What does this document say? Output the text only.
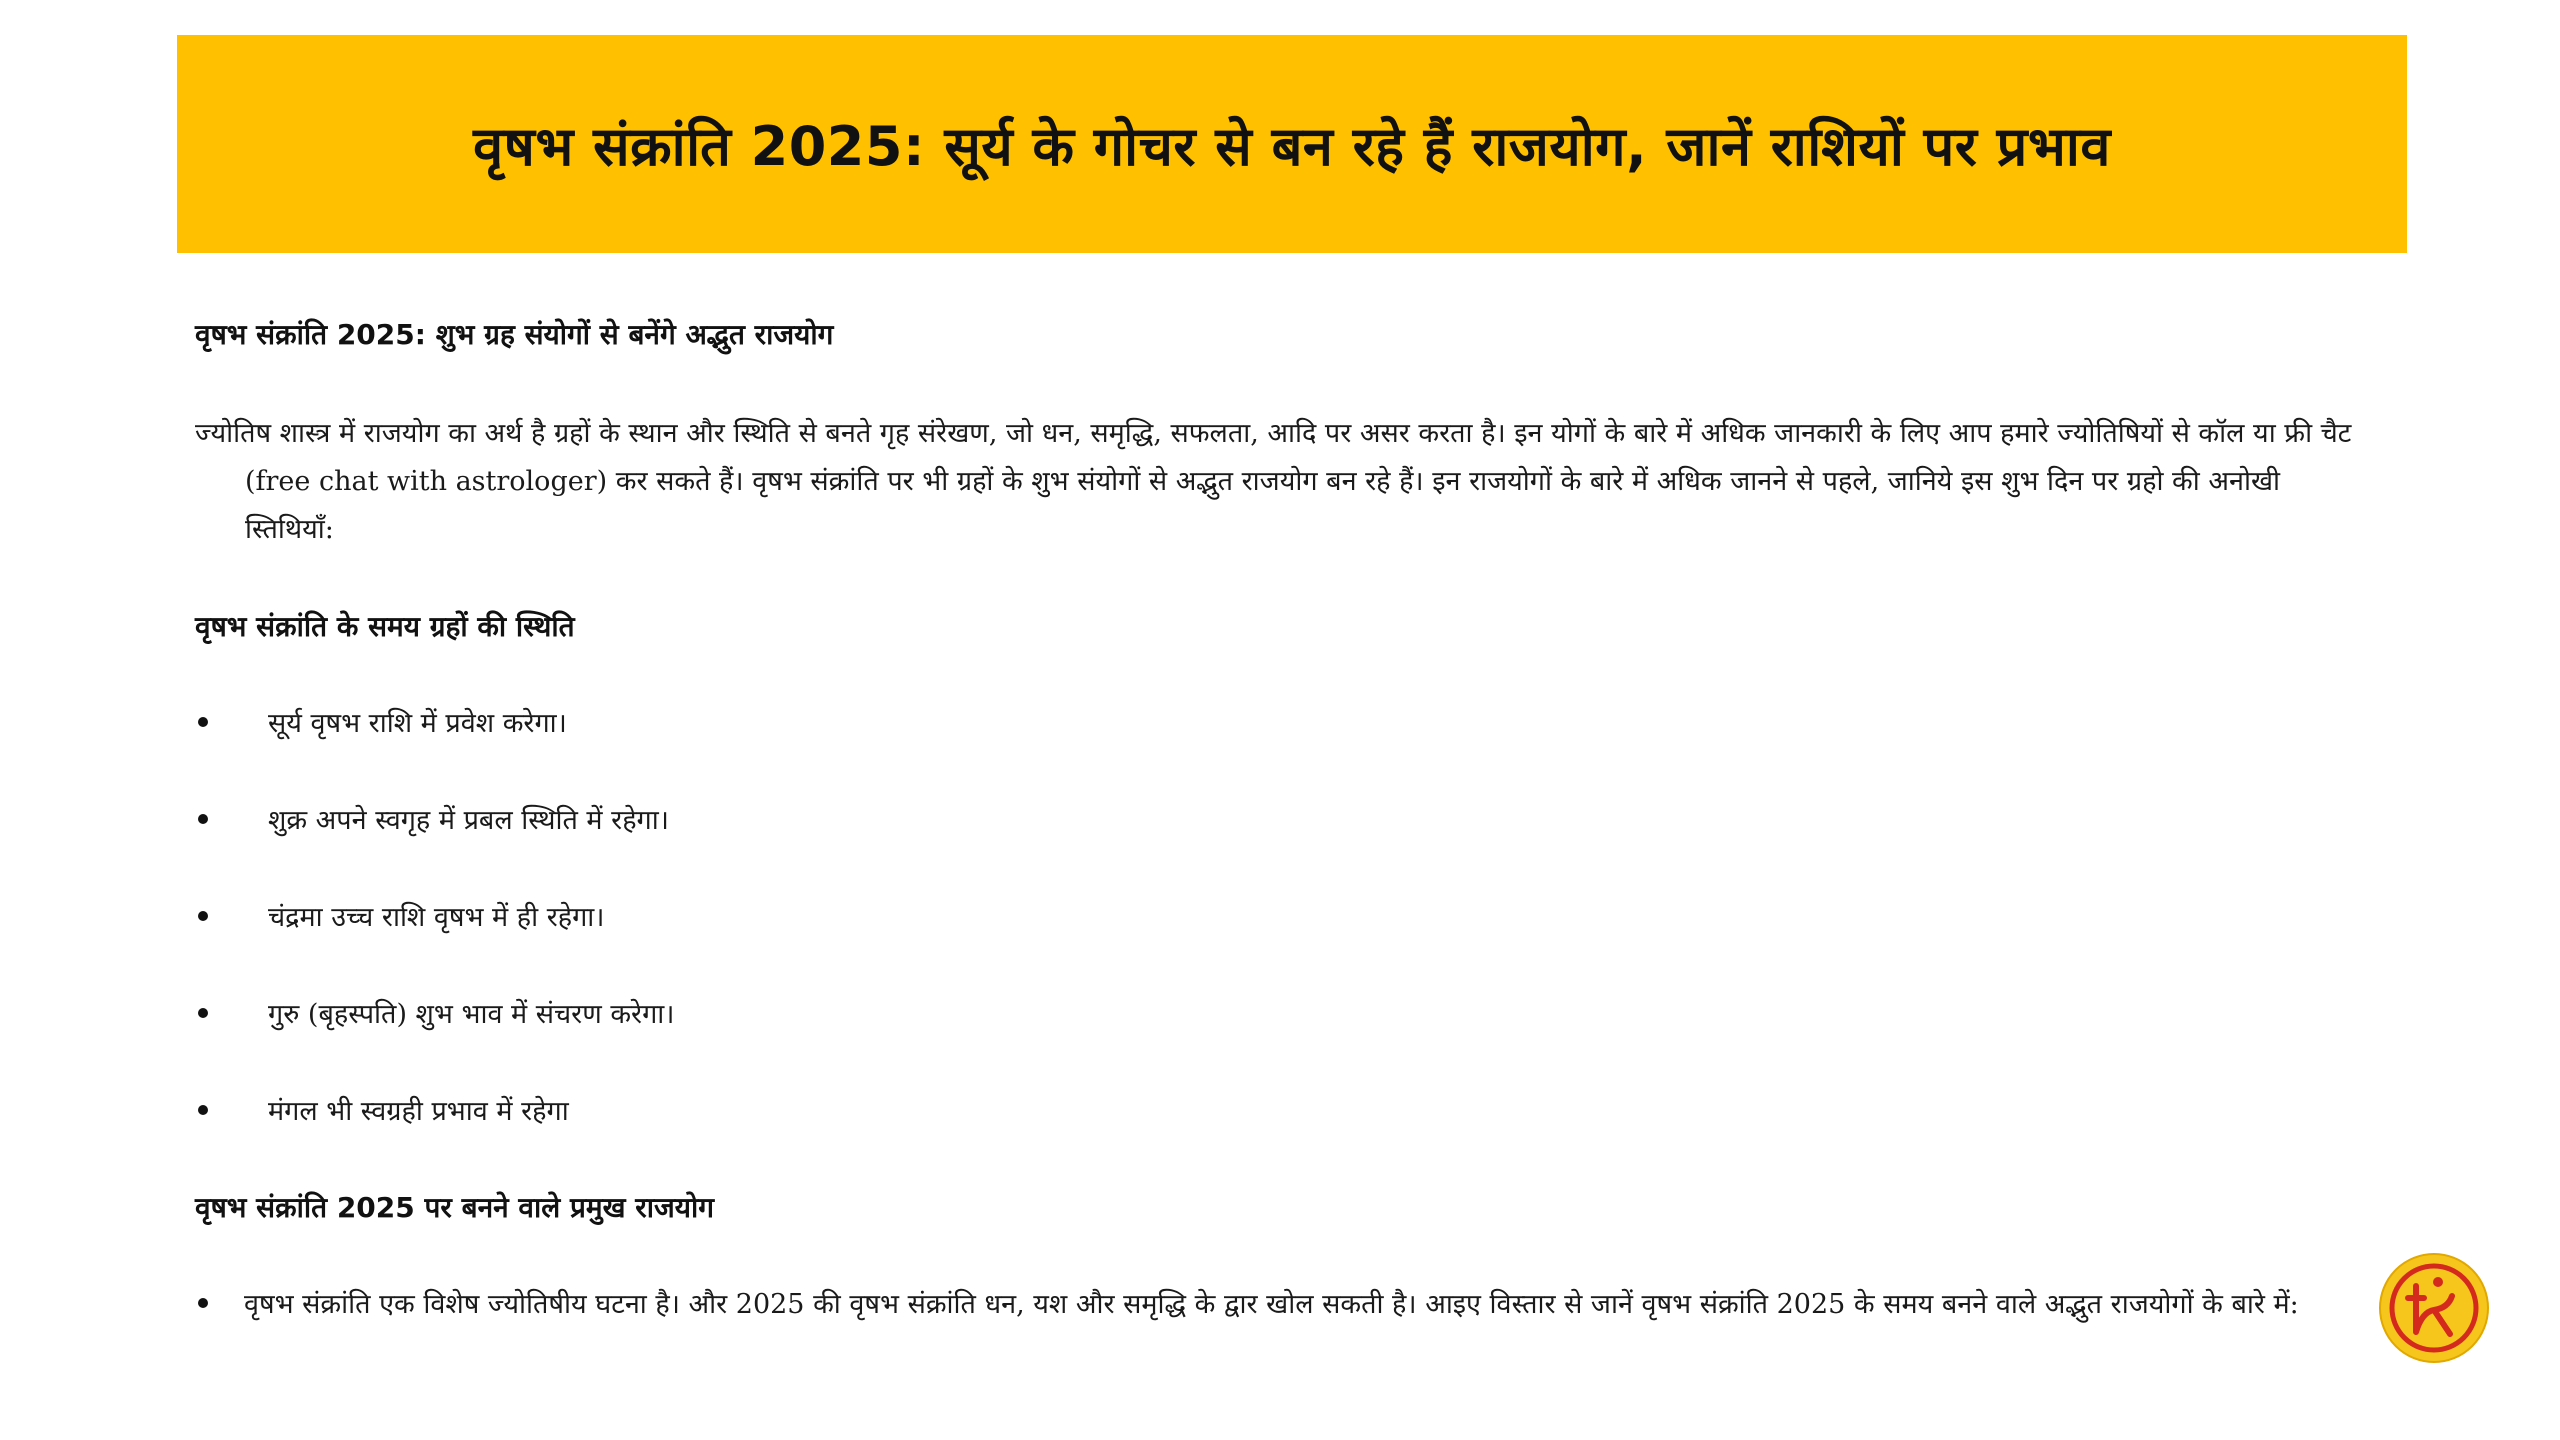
वृषभ संक्रांति 2025: सूर्य के गोचर से बन रहे हैं राजयोग, जानें राशियों पर प्रभाव
वृषभ संक्रांति 2025: शुभ ग्रह संयोगों से बनेंगे अद्भुत राजयोग
ज्योतिष शास्त्र में राजयोग का अर्थ है ग्रहों के स्थान और स्थिति से बनते गृह संरेखण, जो धन, समृद्धि, सफलता, आदि पर असर करता है। इन योगों के बारे में अधिक जानकारी के लिए आप हमारे ज्योतिषियों से कॉल या फ्री चैट
(free chat with astrologer) कर सकते हैं। वृषभ संक्रांति पर भी ग्रहों के शुभ संयोगों से अद्भुत राजयोग बन रहे हैं। इन राजयोगों के बारे में अधिक जानने से पहले, जानिये इस शुभ दिन पर ग्रहो की अनोखी
स्तिथियाँ:
वृषभ संक्रांति के समय ग्रहों की स्थिति
सूर्य वृषभ राशि में प्रवेश करेगा।
शुक्र अपने स्वगृह में प्रबल स्थिति में रहेगा।
चंद्रमा उच्च राशि वृषभ में ही रहेगा।
गुरु (बृहस्पति) शुभ भाव में संचरण करेगा।
मंगल भी स्वग्रही प्रभाव में रहेगा
वृषभ संक्रांति 2025 पर बनने वाले प्रमुख राजयोग
वृषभ संक्रांति एक विशेष ज्योतिषीय घटना है। और 2025 की वृषभ संक्रांति धन, यश और समृद्धि के द्वार खोल सकती है। आइए विस्तार से जानें वृषभ संक्रांति 2025 के समय बनने वाले अद्भुत राजयोगों के बारे में:
